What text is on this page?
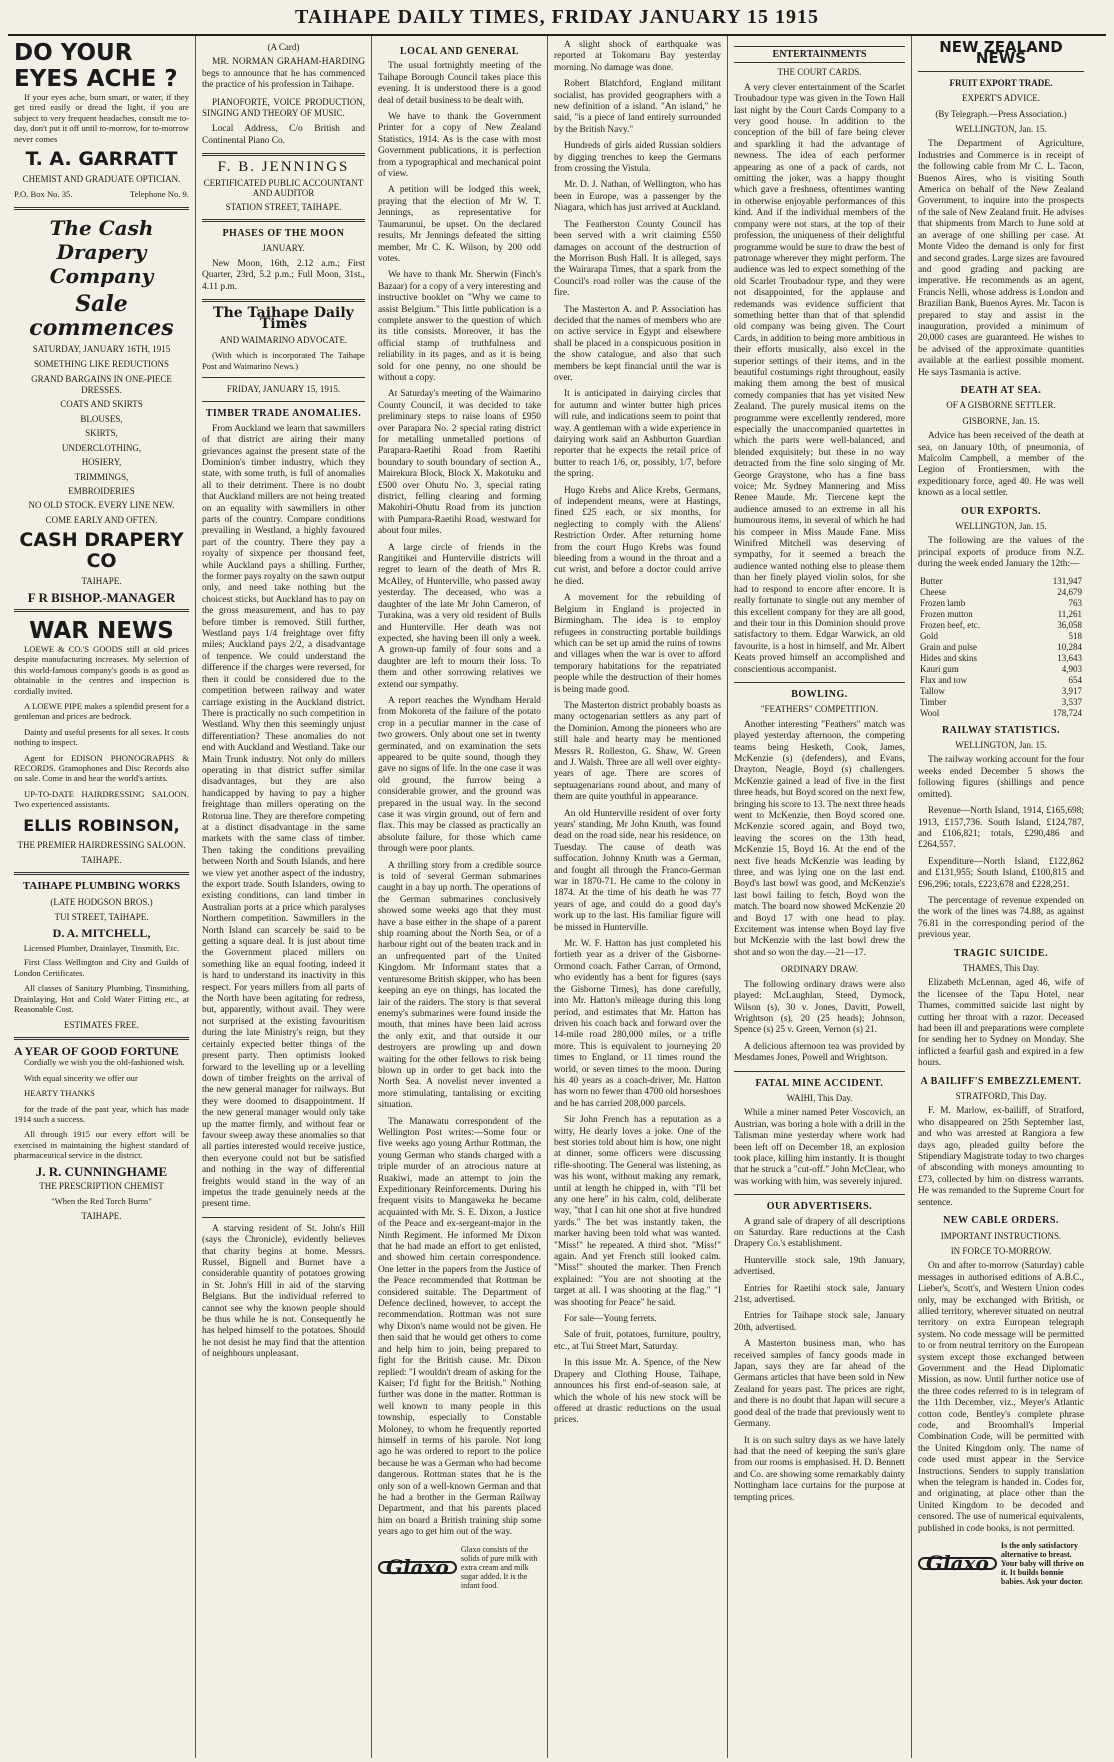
TAIHAPE DAILY TIMES, FRIDAY JANUARY 15 1915
DO YOUR EYES ACHE ?

If your eyes ache, burn smart, or water, if they get tired easily or dread the light, if you are subject to very frequent headaches, consult me to-day, don't put it off until to-morrow, for to-morrow never comes

T. A. GARRATT
CHEMIST AND GRADUATE OPTICIAN.
P.O. Box No. 35.	Telephone No. 9.
The Cash Drapery Company
Sale commences
SATURDAY, JANUARY 16TH, 1915
SOMETHING LIKE REDUCTIONS
GRAND BARGAINS IN ONE-PIECE DRESSES.
COATS AND SKIRTS
BLOUSES,
SKIRTS,
UNDERCLOTHING,
HOSIERY,
TRIMMINGS,
EMBROIDERIES
NO OLD STOCK. EVERY LINE NEW.
COME EARLY AND OFTEN.
CASH DRAPERY CO
TAIHAPE.
F R BISHOP.-MANAGER
WAR NEWS

LOEWE & CO.'S GOODS still at old prices despite manufacturing increases. My selection of this world-famous company's goods is as good as obtainable in the centres and inspection is cordially invited.

A LOEWE PIPE makes a splendid present for a gentleman and prices are bedrock.

Dainty and useful presents for all sexes. It costs nothing to inspect.

Agent for EDISON PHONOGRAPHS & RECORDS. Gramophones and Disc Records also on sale. Come in and hear the world's artists.

UP-TO-DATE HAIRDRESSING SALOON. Two experienced assistants.

ELLIS ROBINSON,
THE PREMIER HAIRDRESSING SALOON.
TAIHAPE.
TAIHAPE PLUMBING WORKS
(LATE HODGSON BROS.)
TUI STREET, TAIHAPE.
D. A. MITCHELL,
Licensed Plumber, Drainlayer, Tinsmith, Etc.

First Class Wellington and City and Guilds of London Certificates.

All classes of Sanitary Plumbing, Tinsmithing, Drainlaying, Hot and Cold Water Fitting etc., at Reasonable Cost.

ESTIMATES FREE.
A YEAR OF GOOD FORTUNE

Cordially we wish you the old-fashioned wish.

With equal sincerity we offer our

HEARTY THANKS

for the trade of the past year, which has made 1914 such a success.

All through 1915 our every effort will be exercised in maintaining the highest standard of pharmaceutical service in the district.

J. R. CUNNINGHAME
THE PRESCRIPTION CHEMIST
"When the Red Torch Burns"
TAIHAPE.
(A Card)

MR. NORMAN GRAHAM-HARDING begs to announce that he has commenced the practice of his profession in Taihape.

PIANOFORTE, VOICE PRODUCTION, SINGING AND THEORY OF MUSIC.

Local Address, C/o British and Continental Piano Co.

F. B. JENNINGS
CERTIFICATED PUBLIC ACCOUNTANT AND AUDITOR
STATION STREET, TAIHAPE.
PHASES OF THE MOON
JANUARY.

New Moon, 16th, 2.12 a.m.; First Quarter, 23rd, 5.2 p.m.; Full Moon, 31st., 4.11 p.m.

The Taihape Daily Times
AND WAIMARINO ADVOCATE.

(With which is incorporated The Taihape Post and Waimarino News.)

FRIDAY, JANUARY 15, 1915.
TIMBER TRADE ANOMALIES.

From Auckland we learn that sawmillers of that district are airing their many grievances against the present state of the Dominion's timber industry, which they state, with some truth, is full of anomalies all to their detriment. There is no doubt that Auckland millers are not being treated on an equality with sawmillers in other parts of the country. Compare conditions prevailing in Westland, a highly favoured part of the country. There they pay a royalty of sixpence per thousand feet, while Auckland pays a shilling. Further, the former pays royalty on the sawn output only, and need take nothing but the choicest sticks, but Auckland has to pay on the gross measurement, and has to pay before timber is removed. Still further, Westland pays 1/4 freightage over fifty miles; Auckland pays 2/2, a disadvantage of tenpence. We could understand the difference if the charges were reversed, for then it could be considered due to the competition between railway and water carriage existing in the Auckland district. There is practically no such competition in Westland. Why then this seemingly unjust differentiation? These anomalies do not end with Auckland and Westland. Take our Main Trunk industry. Not only do millers operating in that district suffer similar disadvantages, but they are also handicapped by having to pay a higher freightage than millers operating on the Rotorua line. They are therefore competing at a distinct disadvantage in the same markets with the same class of timber. Then taking the conditions prevailing between North and South Islands, and here we view yet another aspect of the industry, the export trade. South Islanders, owing to existing conditions, can land timber in Australian ports at a price which paralyses Northern competition. Sawmillers in the North Island can scarcely be said to be getting a square deal. It is just about time the Government placed millers on something like an equal footing, indeed it is hard to understand its inactivity in this respect. For years millers from all parts of the North have been agitating for redress, but, apparently, without avail. They were not surprised at the existing favouritism during the late Ministry's reign, but they certainly expected better things of the present party. Then optimists looked forward to the levelling up or a levelling down of timber freights on the arrival of the new general manager for railways. But they were doomed to disappointment. If the new general manager would only take up the matter firmly, and without fear or favour sweep away these anomalies so that all parties interested would receive justice, then everyone could not but be satisfied and nothing in the way of differential freights would stand in the way of an impetus the trade genuinely needs at the present time.

A starving resident of St. John's Hill (says the Chronicle), evidently believes that charity begins at home. Messrs. Russel, Bignell and Burnet have a considerable quantity of potatoes growing in St. John's Hill in aid of the starving Belgians. But the individual referred to cannot see why the known people should be thus while he is not. Consequently he has helped himself to the potatoes. Should he not desist he may find that the attention of neighbours unpleasant.

LOCAL AND GENERAL

The usual fortnightly meeting of the Taihape Borough Council takes place this evening. It is understood there is a good deal of detail business to be dealt with.

We have to thank the Government Printer for a copy of New Zealand Statistics, 1914. As is the case with most Government publications, it is perfection from a typographical and mechanical point of view.

A petition will be lodged this week, praying that the election of Mr W. T. Jennings, as representative for Taumarunui, be upset. On the declared results, Mr Jennings defeated the sitting member, Mr C. K. Wilson, by 200 odd votes.

We have to thank Mr. Sherwin (Finch's Bazaar) for a copy of a very interesting and instructive booklet on "Why we came to assist Belgium." This little publication is a complete answer to the question of which its title consists. Moreover, it has the official stamp of truthfulness and reliability in its pages, and as it is being sold for one penny, no one should be without a copy.

At Saturday's meeting of the Waimarino County Council, it was decided to take preliminary steps to raise loans of £950 over Parapara No. 2 special rating district for metalling unmetalled portions of Parapara-Raetihi Road from Raetihi boundary to south boundary of section A., Mairekura Block, Block X. Makotuku and £500 over Ohutu No. 3, special rating district, felling clearing and forming Makohiri-Ohutu Road from its junction with Pumpara-Raetihi Road, westward for about four miles.

A large circle of friends in the Rangitikei and Hunterville districts will regret to learn of the death of Mrs R. McAlley, of Hunterville, who passed away yesterday. The deceased, who was a daughter of the late Mr John Cameron, of Turakina, was a very old resident of Bulls and Hunterville. Her death was not expected, she having been ill only a week. A grown-up family of four sons and a daughter are left to mourn their loss. To them and other sorrowing relatives we extend our sympathy.

A report reaches the Wyndham Herald from Mokoreta of the failure of the potato crop in a peculiar manner in the case of two growers. Only about one set in twenty germinated, and on examination the sets appeared to be quite sound, though they gave no signs of life. In the one case it was old ground, the furrow being a considerable grower, and the ground was prepared in the usual way. In the second case it was virgin ground, out of fern and flax. This may be classed as practically an absolute failure, for those which came through were poor plants.

A thrilling story from a credible source is told of several German submarines caught in a bay up north. The operations of the German submarines conclusively showed some weeks ago that they must have a base either in the shape of a parent ship roaming about the North Sea, or of a harbour right out of the beaten track and in an unfrequented part of the United Kingdom. Mr Informant states that a venturesome British skipper, who has been keeping an eye on things, has located the lair of the raiders. The story is that several enemy's submarines were found inside the mouth, that mines have been laid across the only exit, and that outside it our destroyers are prowling up and down waiting for the other fellows to risk being blown up in order to get back into the North Sea. A novelist never invented a more stimulating, tantalising or exciting situation.

The Manawatu correspondent of the Wellington Post writes:—Some four or five weeks ago young Arthur Rottman, the young German who stands charged with a triple murder of an atrocious nature at Ruakiwi, made an attempt to join the Expeditionary Reinforcements. During his frequent visits to Mangaweka he became acquainted with Mr. S. E. Dixon, a Justice of the Peace and ex-sergeant-major in the Ninth Regiment. He informed Mr Dixon that he had made an effort to get enlisted, and showed him certain correspondence. One letter in the papers from the Justice of the Peace recommended that Rottman be considered suitable. The Department of Defence declined, however, to accept the recommendation. Rottman was not sure why Dixon's name would not be given. He then said that he would get others to come and help him to join, being prepared to fight for the British cause. Mr. Dixon replied: "I wouldn't dream of asking for the Kaiser; I'd fight for the British." Nothing further was done in the matter. Rottman is well known to many people in this township, especially to Constable Moloney, to whom he frequently reported himself in terms of his parole. Not long ago he was ordered to report to the police because he was a German who had become dangerous. Rottman states that he is the only son of a well-known German and that he had a brother in the German Railway Department, and that his parents placed him on board a British training ship some years ago to get him out of the way.

Glaxo
Glaxo consists of the solids of pure milk with extra cream and milk sugar added. It is the infant food.

A slight shock of earthquake was reported at Tokomaru Bay yesterday morning. No damage was done.

Robert Blatchford, England militant socialist, has provided geographers with a new definition of a island. "An island," he said, "is a piece of land entirely surrounded by the British Navy."

Hundreds of girls aided Russian soldiers by digging trenches to keep the Germans from crossing the Vistula.

Mr. D. J. Nathan, of Wellington, who has been in Europe, was a passenger by the Niagara, which has just arrived at Auckland.

The Featherston County Council has been served with a writ claiming £550 damages on account of the destruction of the Morrison Bush Hall. It is alleged, says the Wairarapa Times, that a spark from the Council's road roller was the cause of the fire.

The Masterton A. and P. Association has decided that the names of members who are on active service in Egypt and elsewhere shall be placed in a conspicuous position in the show catalogue, and also that such members be kept financial until the war is over.

It is anticipated in dairying circles that for autumn and winter butter high prices will rule, and indications seem to point that way. A gentleman with a wide experience in dairying work said an Ashburton Guardian reporter that he expects the retail price of butter to reach 1/6, or, possibly, 1/7, before the spring.

Hugo Krebs and Alice Krebs, Germans, of independent means, were at Hastings, fined £25 each, or six months, for neglecting to comply with the Aliens' Restriction Order. After returning home from the court Hugo Krebs was found bleeding from a wound in the throat and a cut wrist, and before a doctor could arrive he died.

A movement for the rebuilding of Belgium in England is projected in Birmingham. The idea is to employ refugees in constructing portable buildings which can be set up amid the ruins of towns and villages when the war is over to afford temporary habitations for the repatriated people while the destruction of their homes is being made good.

The Masterton district probably boasts as many octogenarian settlers as any part of the Dominion. Among the pioneers who are still hale and hearty may be mentioned Messrs R. Rolleston, G. Shaw, W. Green and J. Walsh. Three are all well over eighty-years of age. There are scores of septuagenarians round about, and many of them are quite youthful in appearance.

An old Hunterville resident of over forty years' standing, Mr John Knuth, was found dead on the road side, near his residence, on Tuesday. The cause of death was suffocation. Johnny Knuth was a German, and fought all through the Franco-German war in 1870-71. He came to the colony in 1874. At the time of his death he was 77 years of age, and could do a good day's work up to the last. His familiar figure will be missed in Hunterville.

Mr. W. F. Hatton has just completed his fortieth year as a driver of the Gisborne-Ormond coach. Father Carran, of Ormond, who evidently has a bent for figures (says the Gisborne Times), has done carefully, into Mr. Hatton's mileage during this long period, and estimates that Mr. Hatton has driven his coach back and forward over the 14-mile road 280,000 miles, or a trifle more. This is equivalent to journeying 20 times to England, or 11 times round the world, or seven times to the moon. During his 40 years as a coach-driver, Mr. Hatton has worn no fewer than 4700 old horseshoes and he has carried 208,000 parcels.

Sir John French has a reputation as a witty, He dearly loves a joke. One of the best stories told about him is how, one night at dinner, some officers were discussing rifle-shooting. The General was listening, as was his wont, without making any remark, until at length he chipped in, with "I'll bet any one here" in his calm, cold, deliberate way, "that I can hit one shot at five hundred yards." The bet was instantly taken, the marker having been told what was wanted. "Miss!" he repeated. A third shot. "Miss!" again. And yet French still looked calm. "Miss!" shouted the marker. Then French explained: "You are not shooting at the target at all. I was shooting at the flag." "I was shooting for Peace" he said.

For sale—Young ferrets.

Sale of fruit, potatoes, furniture, poultry, etc., at Tui Street Mart, Saturday.

In this issue Mr. A. Spence, of the New Drapery and Clothing House, Taihape, announces his first end-of-season sale, at which the whole of his new stock will be offered at drastic reductions on the usual prices.

ENTERTAINMENTS
THE COURT CARDS.

A very clever entertainment of the Scarlet Troubadour type was given in the Town Hall last night by the Court Cards Company to a very good house. In addition to the conception of the bill of fare being clever and sparkling it had the advantage of newness. The idea of each performer appearing as one of a pack of cards, not omitting the joker, was a happy thought which gave a freshness, oftentimes wanting in otherwise enjoyable performances of this kind. And if the individual members of the company were not stars, at the top of their profession, the uniqueness of their delightful programme would be sure to draw the best of patronage wherever they might perform. The audience was led to expect something of the old Scarlet Troubadour type, and they were not disappointed, for the applause and redemands was evidence sufficient that something better than that of that splendid old company was being given. The Court Cards, in addition to being more ambitious in their efforts musically, also excel in the superior settings of their items, and in the beautiful costumings right throughout, easily making them among the best of musical comedy companies that has yet visited New Zealand. The purely musical items on the programme were excellently rendered, more especially the unaccompanied quartettes in which the parts were well-balanced, and blended exquisitely; but these in no way detracted from the fine solo singing of Mr. George Graystone, who has a fine bass voice; Mr. Sydney Mannering and Miss Renee Maude. Mr. Tiercene kept the audience amused to an extreme in all his humourous items, in several of which he had his compeer in Miss Maude Fane. Miss Winifred Mitchell was deserving of sympathy, for it seemed a breach the audience wanted nothing else to please them than her finely played violin solos, for she had to respond to encore after encore. It is really fortunate to single out any member of this excellent company for they are all good, and their tour in this Dominion should prove satisfactory to them. Edgar Warwick, an old favourite, is a host in himself, and Mr. Albert Keats proved himself an accomplished and conscientious accompanist.

BOWLING.
"FEATHERS" COMPETITION.

Another interesting "Feathers" match was played yesterday afternoon, the competing teams being Hesketh, Cook, James, McKenzie (s) (defenders), and Evans, Drayton, Neagle, Boyd (s) challengers. McKenzie gained a lead of five in the first three heads, but Boyd scored on the next few, bringing his score to 13. The next three heads went to McKenzie, then Boyd scored one. McKenzie scored again, and Boyd two, leaving the scores on the 13th head, McKenzie 15, Boyd 16. At the end of the next five heads McKenzie was leading by three, and was lying one on the last end. Boyd's last bowl was good, and McKenzie's last bowl failing to fetch, Boyd won the match. The board now showed McKenzie 20 and Boyd 17 with one head to play. Excitement was intense when Boyd lay five but McKenzie with the last bowl drew the shot and so won the day.—21—17.

ORDINARY DRAW.

The following ordinary draws were also played: McLaughlan, Steed, Dymock, Wilson (s), 30 v. Jones, Davitt, Powell, Wrightson (s), 20 (25 heads); Johnson, Spence (s) 25 v. Green, Vernon (s) 21.

A delicious afternoon tea was provided by Mesdames Jones, Powell and Wrightson.

FATAL MINE ACCIDENT.
WAIHI, This Day.

While a miner named Peter Voscovich, an Austrian, was boring a hole with a drill in the Talisman mine yesterday where work had been left off on December 18, an explosion took place, killing him instantly. It is thought that he struck a "cut-off." John McClear, who was working with him, was severely injured.

OUR ADVERTISERS.

A grand sale of drapery of all descriptions on Saturday. Rare reductions at the Cash Drapery Co.'s establishment.

Hunterville stock sale, 19th January, advertised.

Entries for Raetihi stock sale, January 21st, advertised.

Entries for Taihape stock sale, January 20th, advertised.

A Masterton business man, who has received samples of fancy goods made in Japan, says they are far ahead of the Germans articles that have been sold in New Zealand for years past. The prices are right, and there is no doubt that Japan will secure a good deal of the trade that previously went to Germany.

It is on such sultry days as we have lately had that the need of keeping the sun's glare from our rooms is emphasised. H. D. Bennett and Co. are showing some remarkably dainty Nottingham lace curtains for the purpose at tempting prices.

NEW ZEALAND NEWS
FRUIT EXPORT TRADE.
EXPERT'S ADVICE.
(By Telegraph.—Press Association.)
WELLINGTON, Jan. 15.

The Department of Agriculture, Industries and Commerce is in receipt of the following cable from Mr C. L. Tacon, Buenos Aires, who is visiting South America on behalf of the New Zealand Government, to inquire into the prospects of the sale of New Zealand fruit. He advises that shipments from March to June sold at an average of one shilling per case. At Monte Video the demand is only for first and second grades. Large sizes are favoured and good grading and packing are imperative. He recommends as an agent, Francis Nelli, whose address is London and Brazilian Bank, Buenos Ayres. Mr. Tacon is prepared to stay and assist in the inauguration, provided a minimum of 20,000 cases are guaranteed. He wishes to be advised of the approximate quantities available at the earliest possible moment. He says Tasmania is active.

DEATH AT SEA.
OF A GISBORNE SETTLER.
GISBORNE, Jan. 15.

Advice has been received of the death at sea, on January 10th, of pneumonia, of Malcolm Campbell, a member of the Legion of Frontiersmen, with the expeditionary force, aged 40. He was well known as a local settler.

OUR EXPORTS.
WELLINGTON, Jan. 15.

The following are the values of the principal exports of produce from N.Z. during the week ended January the 12th:—

Butter	131,947
Cheese	24,679
Frozen lamb	763
Frozen mutton	11,261
Frozen beef, etc.	36,058
Gold	518
Grain and pulse	10,284
Hides and skins	13,643
Kauri gum	4,903
Flax and tow	654
Tallow	3,917
Timber	3,537
Wool	178,724
RAILWAY STATISTICS.
WELLINGTON, Jan. 15.

The railway working account for the four weeks ended December 5 shows the following figures (shillings and pence omitted).

Revenue—North Island, 1914, £165,698; 1913, £157,736. South Island, £124,787, and £106,821; totals, £290,486 and £264,557.

Expenditure—North Island, £122,862 and £131,955; South Island, £100,815 and £96,296; totals, £223,678 and £228,251.

The percentage of revenue expended on the work of the lines was 74.88, as against 76.81 in the corresponding period of the previous year.

TRAGIC SUICIDE.
THAMES, This Day.

Elizabeth McLennan, aged 46, wife of the licensee of the Tapu Hotel, near Thames, committed suicide last night by cutting her throat with a razor. Deceased had been ill and preparations were complete for sending her to Sydney on Monday. She inflicted a fearful gash and expired in a few hours.

A BAILIFF'S EMBEZZLEMENT.
STRATFORD, This Day.

F. M. Marlow, ex-bailiff, of Stratford, who disappeared on 25th September last, and who was arrested at Rangiora a few days ago, pleaded guilty before the Stipendiary Magistrate today to two charges of absconding with moneys amounting to £73, collected by him on distress warrants. He was remanded to the Supreme Court for sentence.

NEW CABLE ORDERS.
IMPORTANT INSTRUCTIONS.
IN FORCE TO-MORROW.

On and after to-morrow (Saturday) cable messages in authorised editions of A.B.C., Lieber's, Scott's, and Western Union codes only, may be exchanged with British, or allied territory, wherever situated on neutral territory on extra European telegraph system. No code message will be permitted to or from neutral territory on the European system except those exchanged between Government and the Head Diplomatic Mission, as now. Until further notice use of the three codes referred to is in telegram of the 11th December, viz., Meyer's Atlantic cotton code, Bentley's complete phrase code, and Broomhall's Imperial Combination Code, will be permitted with the United Kingdom only. The name of code used must appear in the Service Instructions. Senders to supply translation when the telegram is handed in. Codes for, and originating, at place other than the United Kingdom to be decoded and censored. The use of numerical equivalents, published in code books, is not permitted.

Glaxo
Is the only satisfactory alternative to breast. Your baby will thrive on it. It builds bonnie babies. Ask your doctor.
